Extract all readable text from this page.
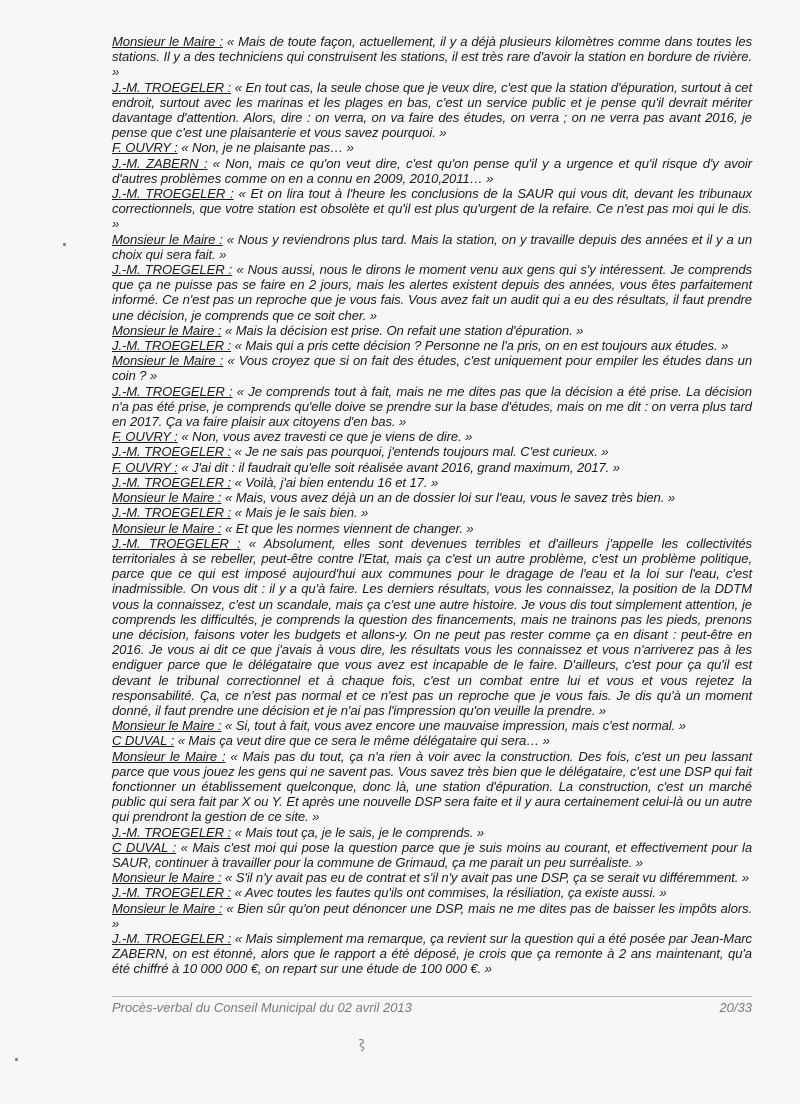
Monsieur le Maire : « Mais de toute façon, actuellement, il y a déjà plusieurs kilomètres comme dans toutes les stations. Il y a des techniciens qui construisent les stations, il est très rare d'avoir la station en bordure de rivière. »

J.-M. TROEGELER : « En tout cas, la seule chose que je veux dire, c'est que la station d'épuration, surtout à cet endroit, surtout avec les marinas et les plages en bas, c'est un service public et je pense qu'il devrait mériter davantage d'attention. Alors, dire : on verra, on va faire des études, on verra ; on ne verra pas avant 2016, je pense que c'est une plaisanterie et vous savez pourquoi. »

F. OUVRY : « Non, je ne plaisante pas… »

J.-M. ZABERN : « Non, mais ce qu'on veut dire, c'est qu'on pense qu'il y a urgence et qu'il risque d'y avoir d'autres problèmes comme on en a connu en 2009, 2010,2011… »

J.-M. TROEGELER : « Et on lira tout à l'heure les conclusions de la SAUR qui vous dit, devant les tribunaux correctionnels, que votre station est obsolète et qu'il est plus qu'urgent de la refaire. Ce n'est pas moi qui le dis. »

Monsieur le Maire : « Nous y reviendrons plus tard. Mais la station, on y travaille depuis des années et il y a un choix qui sera fait. »

J.-M. TROEGELER : « Nous aussi, nous le dirons le moment venu aux gens qui s'y intéressent. Je comprends que ça ne puisse pas se faire en 2 jours, mais les alertes existent depuis des années, vous êtes parfaitement informé. Ce n'est pas un reproche que je vous fais. Vous avez fait un audit qui a eu des résultats, il faut prendre une décision, je comprends que ce soit cher. »

Monsieur le Maire : « Mais la décision est prise. On refait une station d'épuration. »

J.-M. TROEGELER : « Mais qui a pris cette décision ? Personne ne l'a pris, on en est toujours aux études. »

Monsieur le Maire : « Vous croyez que si on fait des études, c'est uniquement pour empiler les études dans un coin ? »

J.-M. TROEGELER : « Je comprends tout à fait, mais ne me dites pas que la décision a été prise. La décision n'a pas été prise, je comprends qu'elle doive se prendre sur la base d'études, mais on me dit : on verra plus tard en 2017. Ça va faire plaisir aux citoyens d'en bas. »

F. OUVRY : « Non, vous avez travesti ce que je viens de dire. »

J.-M. TROEGELER : « Je ne sais pas pourquoi, j'entends toujours mal. C'est curieux. »

F. OUVRY : « J'ai dit : il faudrait qu'elle soit réalisée avant 2016, grand maximum, 2017. »

J.-M. TROEGELER : « Voilà, j'ai bien entendu 16 et 17. »

Monsieur le Maire : « Mais, vous avez déjà un an de dossier loi sur l'eau, vous le savez très bien. »

J.-M. TROEGELER : « Mais je le sais bien. »

Monsieur le Maire : « Et que les normes viennent de changer. »

J.-M. TROEGELER : « Absolument, elles sont devenues terribles et d'ailleurs j'appelle les collectivités territoriales à se rebeller, peut-être contre l'Etat, mais ça c'est un autre problème, c'est un problème politique, parce que ce qui est imposé aujourd'hui aux communes pour le dragage de l'eau et la loi sur l'eau, c'est inadmissible. On vous dit : il y a qu'à faire. Les derniers résultats, vous les connaissez, la position de la DDTM vous la connaissez, c'est un scandale, mais ça c'est une autre histoire. Je vous dis tout simplement attention, je comprends les difficultés, je comprends la question des financements, mais ne trainons pas les pieds, prenons une décision, faisons voter les budgets et allons-y. On ne peut pas rester comme ça en disant : peut-être en 2016. Je vous ai dit ce que j'avais à vous dire, les résultats vous les connaissez et vous n'arriverez pas à les endiguer parce que le délégataire que vous avez est incapable de le faire. D'ailleurs, c'est pour ça qu'il est devant le tribunal correctionnel et à chaque fois, c'est un combat entre lui et vous et vous rejetez la responsabilité. Ça, ce n'est pas normal et ce n'est pas un reproche que je vous fais. Je dis qu'à un moment donné, il faut prendre une décision et je n'ai pas l'impression qu'on veuille la prendre. »

Monsieur le Maire : « Si, tout à fait, vous avez encore une mauvaise impression, mais c'est normal. »

C DUVAL : « Mais ça veut dire que ce sera le même délégataire qui sera… »

Monsieur le Maire : « Mais pas du tout, ça n'a rien à voir avec la construction. Des fois, c'est un peu lassant parce que vous jouez les gens qui ne savent pas. Vous savez très bien que le délégataire, c'est une DSP qui fait fonctionner un établissement quelconque, donc là, une station d'épuration. La construction, c'est un marché public qui sera fait par X ou Y. Et après une nouvelle DSP sera faite et il y aura certainement celui-là ou un autre qui prendront la gestion de ce site. »

J.-M. TROEGELER : « Mais tout ça, je le sais, je le comprends. »

C DUVAL : « Mais c'est moi qui pose la question parce que je suis moins au courant, et effectivement pour la SAUR, continuer à travailler pour la commune de Grimaud, ça me parait un peu surréaliste. »

Monsieur le Maire : « S'il n'y avait pas eu de contrat et s'il n'y avait pas une DSP, ça se serait vu différemment. »

J.-M. TROEGELER : « Avec toutes les fautes qu'ils ont commises, la résiliation, ça existe aussi. »

Monsieur le Maire : « Bien sûr qu'on peut dénoncer une DSP, mais ne me dites pas de baisser les impôts alors. »

J.-M. TROEGELER : « Mais simplement ma remarque, ça revient sur la question qui a été posée par Jean-Marc ZABERN, on est étonné, alors que le rapport a été déposé, je crois que ça remonte à 2 ans maintenant, qu'a été chiffré à 10 000 000 €, on repart sur une étude de 100 000 €. »

Procès-verbal du Conseil Municipal du 02 avril 2013	20/33
